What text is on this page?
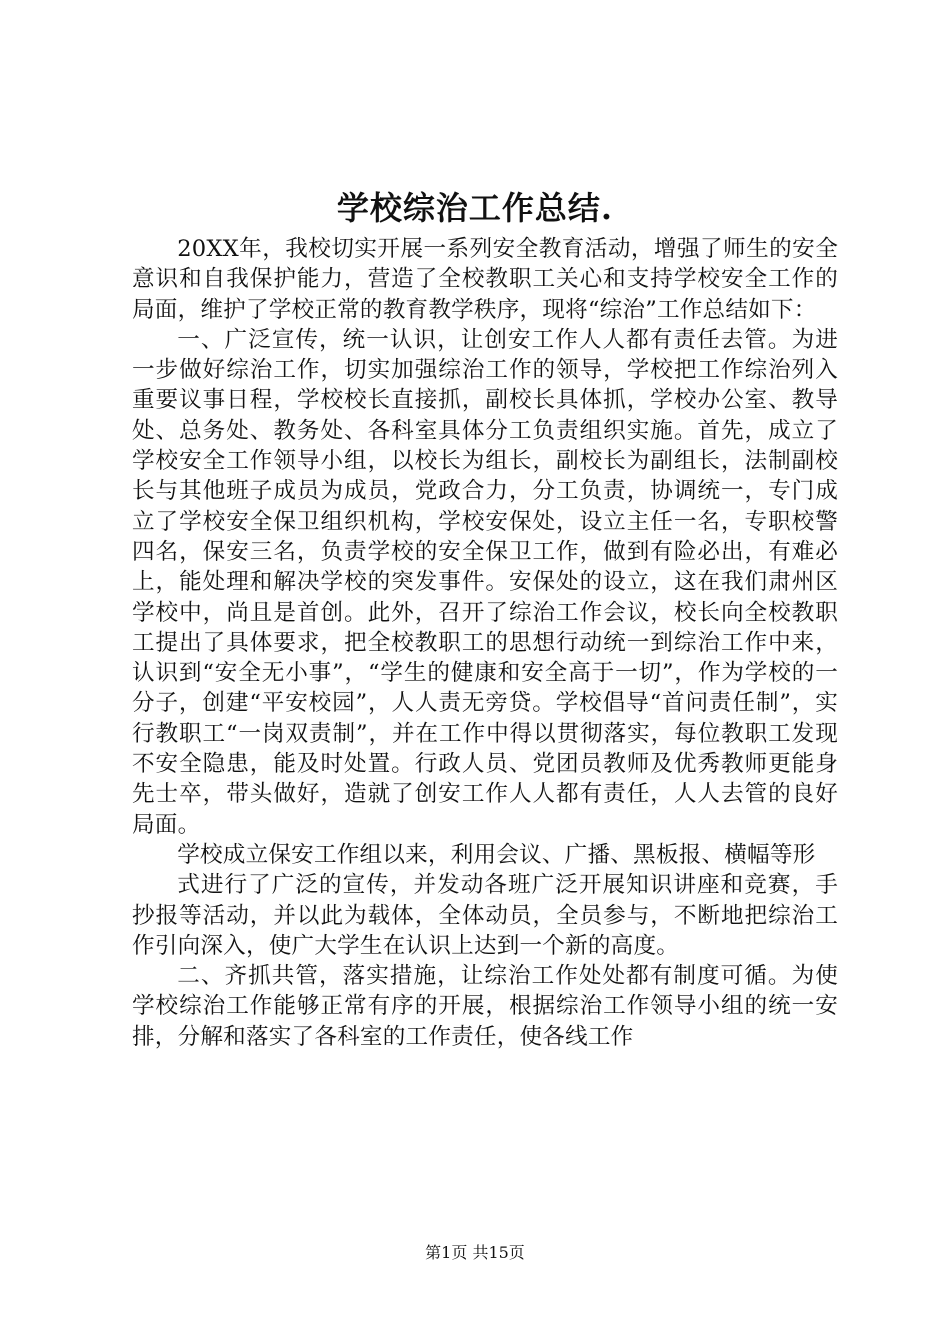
学校综治工作总结.

20XX年，我校切实开展一系列安全教育活动，增强了师生的安全意识和自我保护能力，营造了全校教职工关心和支持学校安全工作的局面，维护了学校正常的教育教学秩序，现将“综治”工作总结如下：

一、广泛宣传，统一认识，让创安工作人人都有责任去管。为进一步做好综治工作，切实加强综治工作的领导，学校把工作综治列入重要议事日程，学校校长直接抓，副校长具体抓，学校办公室、教导处、总务处、教务处、各科室具体分工负责组织实施。首先，成立了学校安全工作领导小组，以校长为组长，副校长为副组长，法制副校长与其他班子成员为成员，党政合力，分工负责，协调统一，专门成立了学校安全保卫组织机构，学校安保处，设立主任一名，专职校警四名，保安三名，负责学校的安全保卫工作，做到有险必出，有难必上，能处理和解决学校的突发事件。安保处的设立，这在我们肃州区学校中，尚且是首创。此外，召开了综治工作会议，校长向全校教职工提出了具体要求，把全校教职工的思想行动统一到综治工作中来，认识到“安全无小事”，“学生的健康和安全高于一切”，作为学校的一分子，创建“平安校园”，人人责无旁贷。学校倡导“首问责任制”，实行教职工“一岗双责制”，并在工作中得以贯彻落实，每位教职工发现不安全隐患，能及时处置。行政人员、党团员教师及优秀教师更能身先士卒，带头做好，造就了创安工作人人都有责任，人人去管的良好局面。

学校成立保安工作组以来，利用会议、广播、黑板报、横幅等形

式进行了广泛的宣传，并发动各班广泛开展知识讲座和竞赛，手抄报等活动，并以此为载体，全体动员，全员参与，不断地把综治工作引向深入，使广大学生在认识上达到一个新的高度。

二、齐抓共管，落实措施，让综治工作处处都有制度可循。为使学校综治工作能够正常有序的开展，根据综治工作领导小组的统一安排，分解和落实了各科室的工作责任，使各线工作

第1页 共15页
